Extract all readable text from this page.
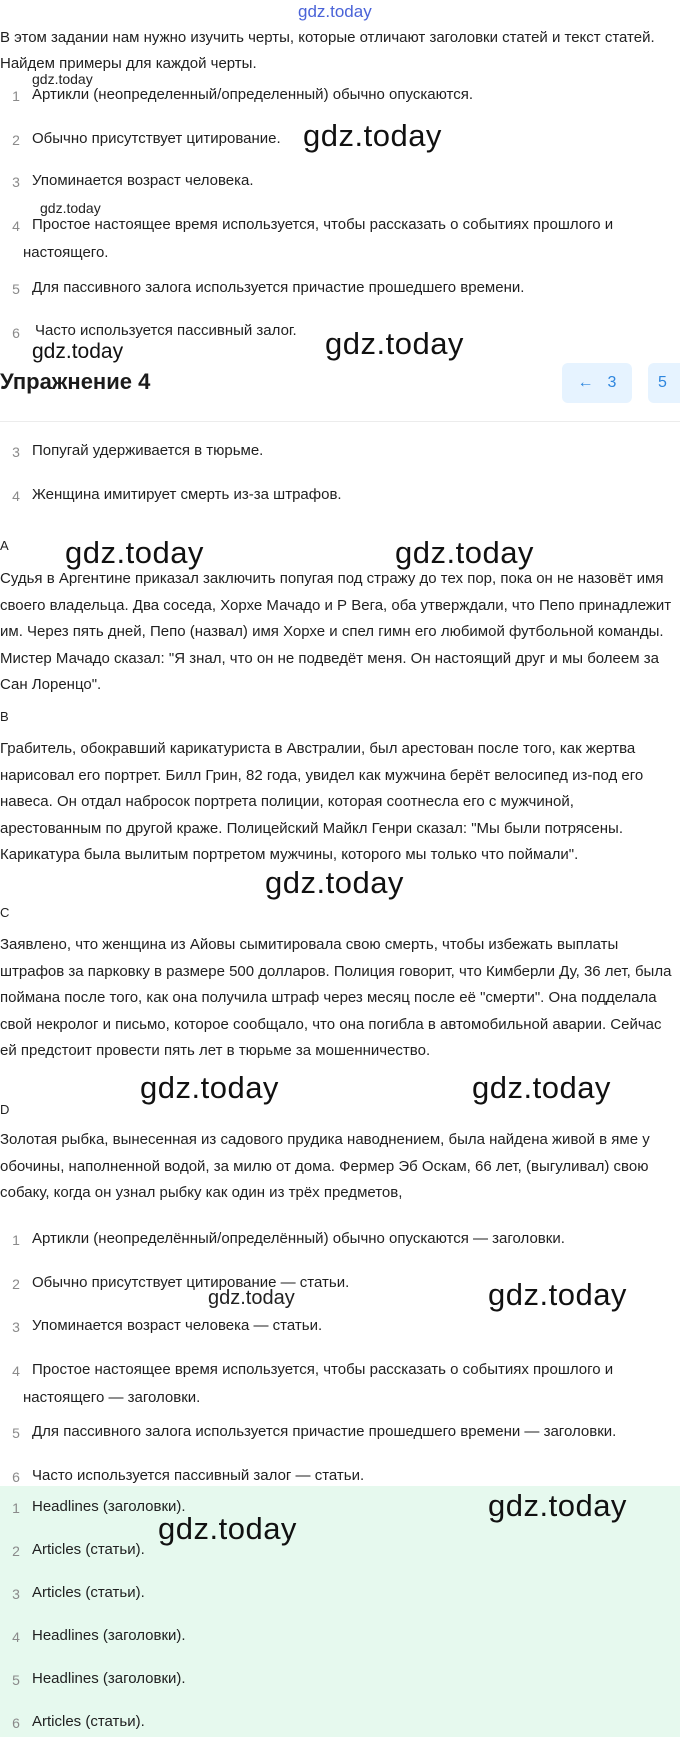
gdz.today
В этом задании нам нужно изучить черты, которые отличают заголовки статей и текст статей. Найдем примеры для каждой черты.
gdz.today
gdz.today
1 Артикли (неопределенный/определенный) обычно опускаются.
2 Обычно присутствует цитирование.
3 Упоминается возраст человека.
4 Простое настоящее время используется, чтобы рассказать о событиях прошлого и
настоящего.
5 Для пассивного залога используется причастие прошедшего времени.
6 Часто используется пассивный залог.
gdz.today
gdz.today
gdz.today
Упражнение 4	← 3	5
3 Попугай удерживается в тюрьме.
4 Женщина имитирует смерть из-за штрафов.
A gdz.today	gdz.today
Судья в Аргентине приказал заключить попугая под стражу до тех пор, пока он не назовёт имя своего владельца. Два соседа, Хорхе Мачадо и Р Вега, оба утверждали, что Пепо принадлежит им. Через пять дней, Пепо (назвал) имя Хорхе и спел гимн его любимой футбольной команды. Мистер Мачадо сказал: "Я знал, что он не подведёт меня. Он настоящий друг и мы болеем за Сан Лоренцо".
B
Грабитель, обокравший карикатуриста в Австралии, был арестован после того, как жертва нарисовал его портрет. Билл Грин, 82 года, увидел как мужчина берёт велосипед из-под его навеса. Он отдал набросок портрета полиции, которая соотнесла его с мужчиной, арестованным по другой краже. Полицейский Майкл Генри сказал: "Мы были потрясены. Карикатура была вылитым портретом мужчины, которого мы только что поймали".
gdz.today
C
Заявлено, что женщина из Айовы сымитировала свою смерть, чтобы избежать выплаты штрафов за парковку в размере 500 долларов. Полиция говорит, что Кимберли Ду, 36 лет, была поймана после того, как она получила штраф через месяц после её "смерти". Она подделала свой некролог и письмо, которое сообщало, что она погибла в автомобильной аварии. Сейчас ей предстоит провести пять лет в тюрьме за мошенничество.
gdz.today	gdz.today
D
Золотая рыбка, вынесенная из садового прудика наводнением, была найдена живой в яме у обочины, наполненной водой, за милю от дома. Фермер Эб Оскам, 66 лет, (выгуливал) свою собаку, когда он узнал рыбку как один из трёх предметов,
1 Артикли (неопределённый/определённый) обычно опускаются — заголовки.
2 Обычно присутствует цитирование — статьи.
3 Упоминается возраст человека — статьи.
4 Простое настоящее время используется, чтобы рассказать о событиях прошлого и
настоящего — заголовки.
5 Для пассивного залога используется причастие прошедшего времени — заголовки.
6 Часто используется пассивный залог — статьи.
gdz.today	gdz.today
1 Headlines (заголовки).
2 Articles (статьи).
3 Articles (статьи).
4 Headlines (заголовки).
5 Headlines (заголовки).
6 Articles (статьи).
gdz.today
gdz.today
